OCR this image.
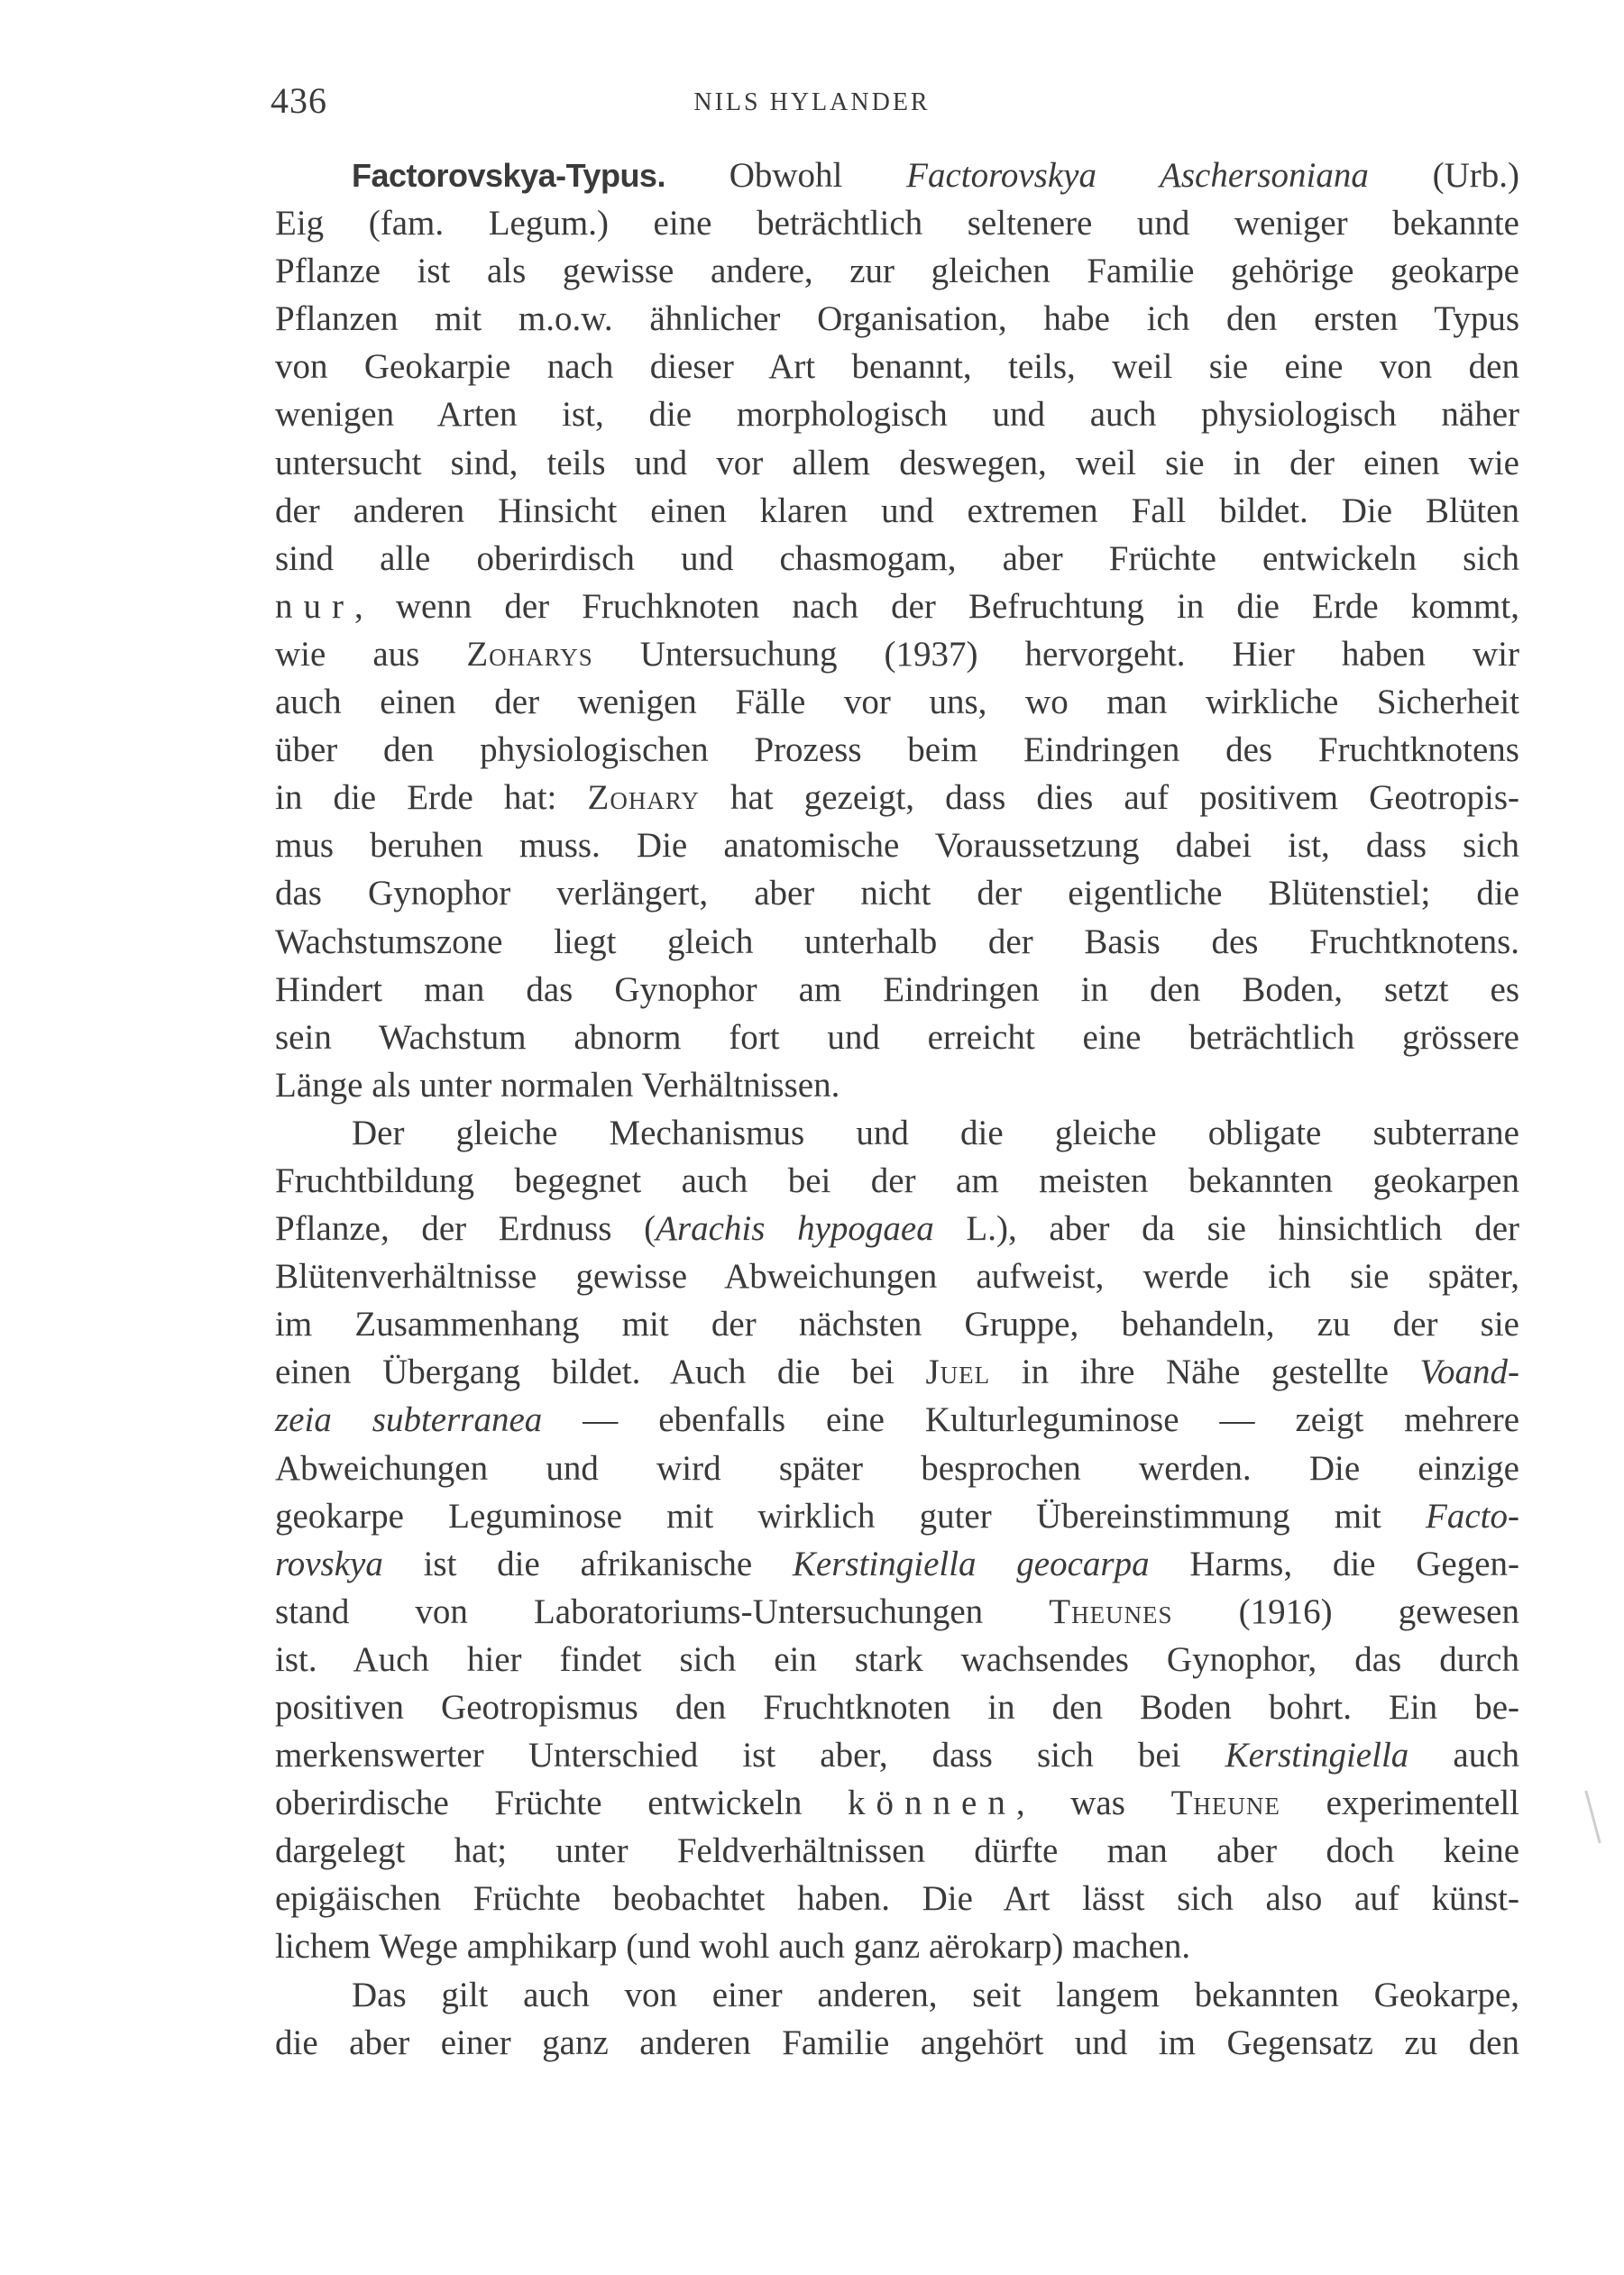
436	NILS HYLANDER
Factorovskya-Typus. Obwohl Factorovskya Aschersoniana (Urb.)
Eig (fam. Legum.) eine beträchtlich seltenere und weniger bekannte
Pflanze ist als gewisse andere, zur gleichen Familie gehörige geokarpe
Pflanzen mit m.o.w. ähnlicher Organisation, habe ich den ersten Typus
von Geokarpie nach dieser Art benannt, teils, weil sie eine von den
wenigen Arten ist, die morphologisch und auch physiologisch näher
untersucht sind, teils und vor allem deswegen, weil sie in der einen wie
der anderen Hinsicht einen klaren und extremen Fall bildet. Die Blüten
sind alle oberirdisch und chasmogam, aber Früchte entwickeln sich
nur, wenn der Fruchknoten nach der Befruchtung in die Erde kommt,
wie aus Zoharys Untersuchung (1937) hervorgeht. Hier haben wir
auch einen der wenigen Fälle vor uns, wo man wirkliche Sicherheit
über den physiologischen Prozess beim Eindringen des Fruchtknotens
in die Erde hat: Zohary hat gezeigt, dass dies auf positivem Geotropis-
mus beruhen muss. Die anatomische Voraussetzung dabei ist, dass sich
das Gynophor verlängert, aber nicht der eigentliche Blütenstiel; die
Wachstumszone liegt gleich unterhalb der Basis des Fruchtknotens.
Hindert man das Gynophor am Eindringen in den Boden, setzt es
sein Wachstum abnorm fort und erreicht eine beträchtlich grössere
Länge als unter normalen Verhältnissen.
Der gleiche Mechanismus und die gleiche obligate subterrane
Fruchtbildung begegnet auch bei der am meisten bekannten geokarpen
Pflanze, der Erdnuss (Arachis hypogaea L.), aber da sie hinsichtlich der
Blütenverhältnisse gewisse Abweichungen aufweist, werde ich sie später,
im Zusammenhang mit der nächsten Gruppe, behandeln, zu der sie
einen Übergang bildet. Auch die bei Juel in ihre Nähe gestellte Voand-
zeia subterranea — ebenfalls eine Kulturleguminose — zeigt mehrere
Abweichungen und wird später besprochen werden. Die einzige
geokarpe Leguminose mit wirklich guter Übereinstimmung mit Facto-
rovskya ist die afrikanische Kerstingiella geocarpa Harms, die Gegen-
stand von Laboratoriums-Untersuchungen Theunes (1916) gewesen
ist. Auch hier findet sich ein stark wachsendes Gynophor, das durch
positiven Geotropismus den Fruchtknoten in den Boden bohrt. Ein be-
merkenswerter Unterschied ist aber, dass sich bei Kerstingiella auch
oberirdische Früchte entwickeln können, was Theune experimentell
dargelegt hat; unter Feldverhältnissen dürfte man aber doch keine
epigäischen Früchte beobachtet haben. Die Art lässt sich also auf künst-
lichem Wege amphikarp (und wohl auch ganz aërokarp) machen.
Das gilt auch von einer anderen, seit langem bekannten Geokarpe,
die aber einer ganz anderen Familie angehört und im Gegensatz zu den
